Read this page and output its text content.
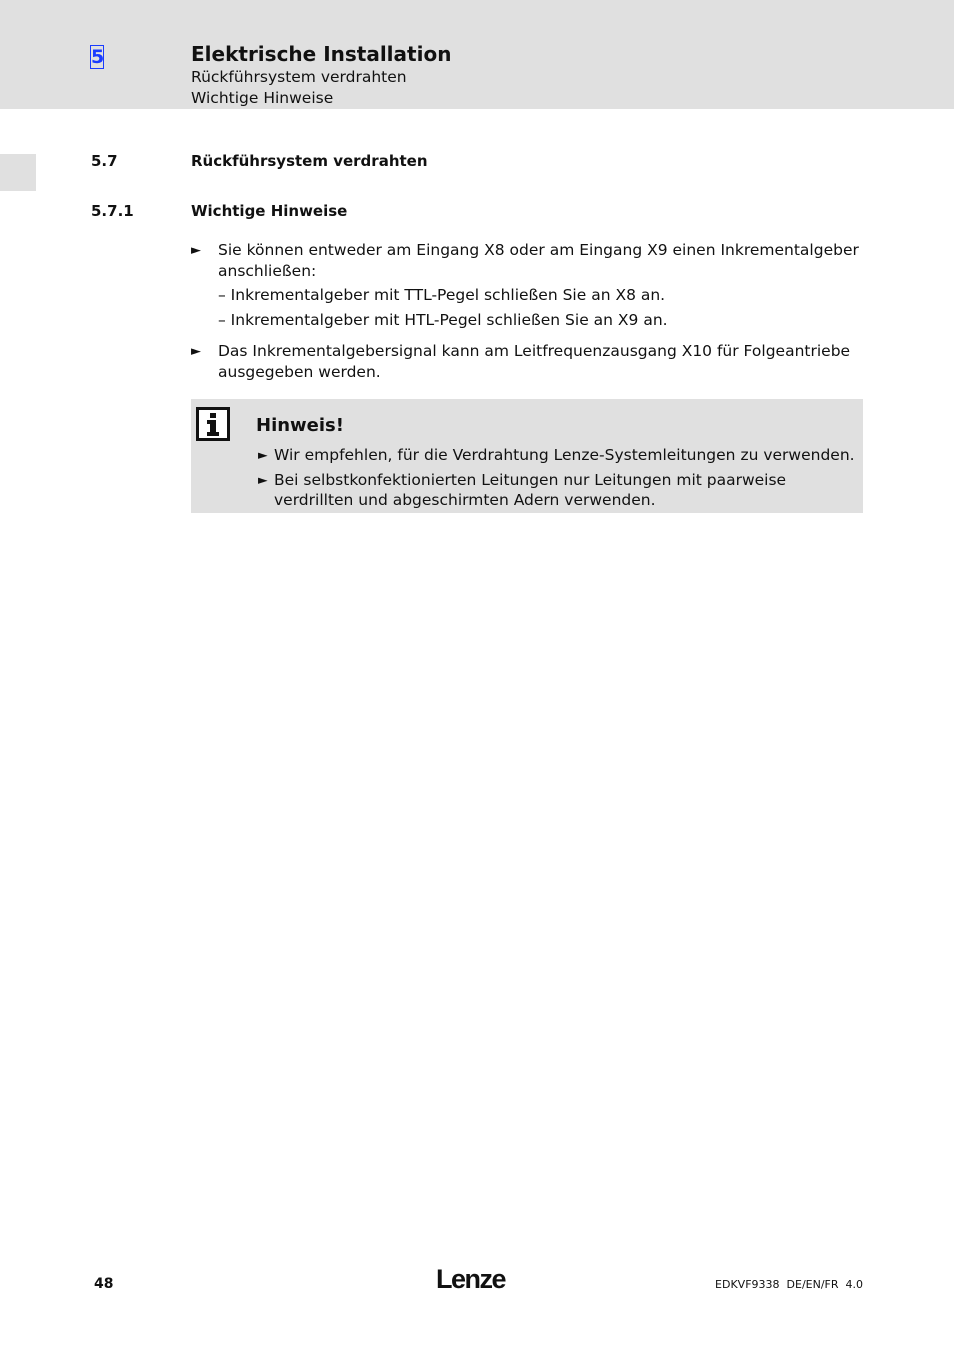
5	Elektrische Installation
Rückführsystem verdrahten
Wichtige Hinweise
5.7	Rückführsystem verdrahten
5.7.1	Wichtige Hinweise
► Sie können entweder am Eingang X8 oder am Eingang X9 einen Inkrementalgeber anschließen:
– Inkrementalgeber mit TTL-Pegel schließen Sie an X8 an.
– Inkrementalgeber mit HTL-Pegel schließen Sie an X9 an.
► Das Inkrementalgebersignal kann am Leitfrequenzausgang X10 für Folgeantriebe ausgegeben werden.
Hinweis!
► Wir empfehlen, für die Verdrahtung Lenze-Systemleitungen zu verwenden.
► Bei selbstkonfektionierten Leitungen nur Leitungen mit paarweise verdrillten und abgeschirmten Adern verwenden.
48	Lenze	EDKVF9338  DE/EN/FR  4.0
